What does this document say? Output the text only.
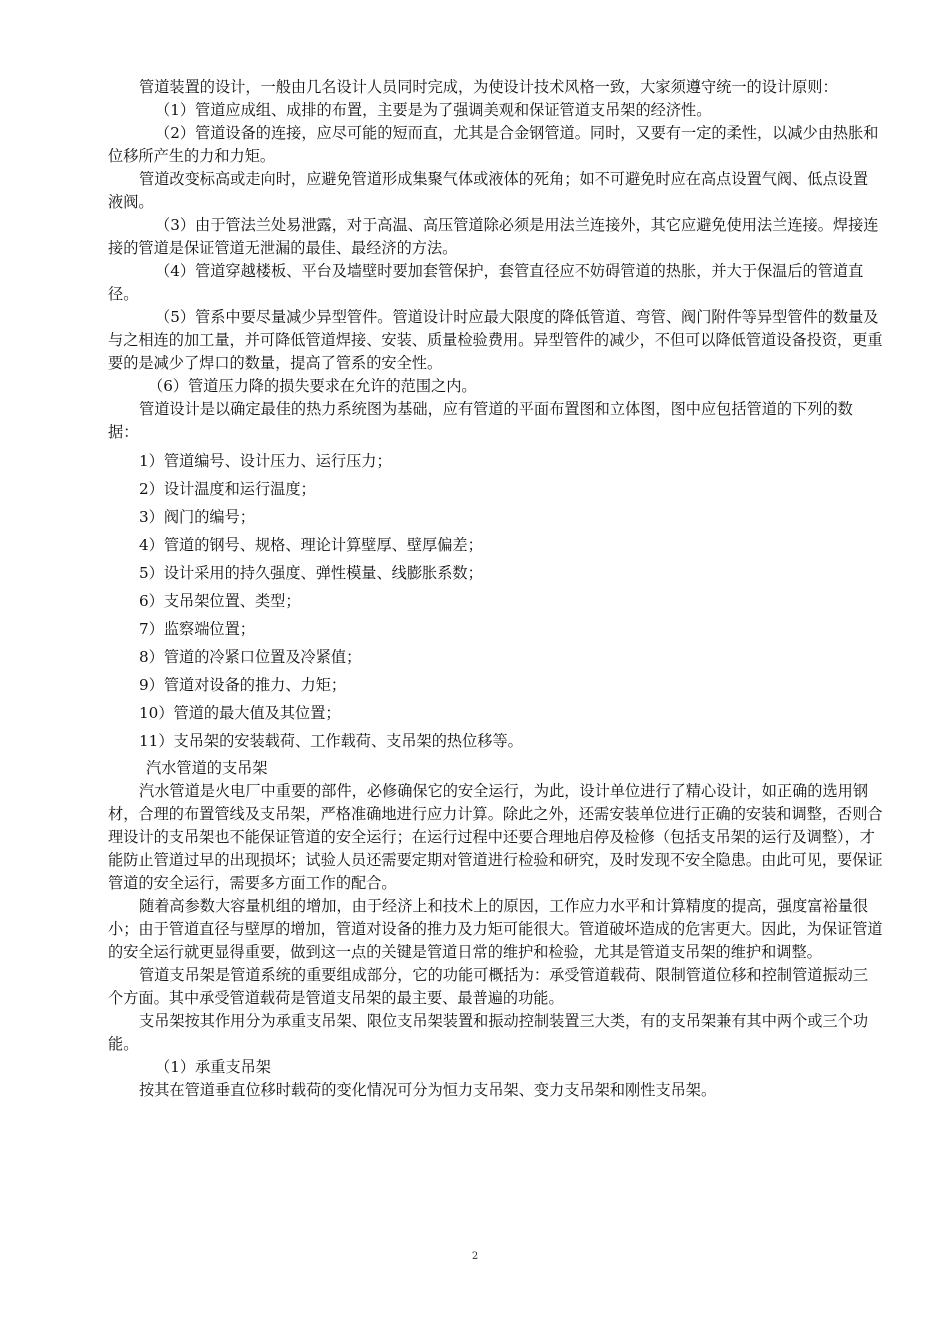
管道装置的设计，一般由几名设计人员同时完成，为使设计技术风格一致，大家须遵守统一的设计原则：

（1）管道应成组、成排的布置，主要是为了强调美观和保证管道支吊架的经济性。

（2）管道设备的连接，应尽可能的短而直，尤其是合金钢管道。同时，又要有一定的柔性，以减少由热胀和位移所产生的力和力矩。

管道改变标高或走向时，应避免管道形成集聚气体或液体的死角；如不可避免时应在高点设置气阀、低点设置液阀。

（3）由于管法兰处易泄露，对于高温、高压管道除必须是用法兰连接外，其它应避免使用法兰连接。焊接连接的管道是保证管道无泄漏的最佳、最经济的方法。

（4）管道穿越楼板、平台及墙壁时要加套管保护，套管直径应不妨碍管道的热胀，并大于保温后的管道直径。

（5）管系中要尽量减少异型管件。管道设计时应最大限度的降低管道、弯管、阀门附件等异型管件的数量及与之相连的加工量，并可降低管道焊接、安装、质量检验费用。异型管件的减少，不但可以降低管道设备投资，更重要的是减少了焊口的数量，提高了管系的安全性。

（6）管道压力降的损失要求在允许的范围之内。

管道设计是以确定最佳的热力系统图为基础，应有管道的平面布置图和立体图，图中应包括管道的下列的数据：

1）管道编号、设计压力、运行压力；
2）设计温度和运行温度；
3）阀门的编号；
4）管道的钢号、规格、理论计算壁厚、壁厚偏差；
5）设计采用的持久强度、弹性模量、线膨胀系数；
6）支吊架位置、类型；
7）监察端位置；
8）管道的冷紧口位置及冷紧值；
9）管道对设备的推力、力矩；
10）管道的最大值及其位置；
11）支吊架的安装载荷、工作载荷、支吊架的热位移等。

汽水管道的支吊架

汽水管道是火电厂中重要的部件，必修确保它的安全运行，为此，设计单位进行了精心设计，如正确的选用钢材，合理的布置管线及支吊架，严格准确地进行应力计算。除此之外，还需安装单位进行正确的安装和调整，否则合理设计的支吊架也不能保证管道的安全运行；在运行过程中还要合理地启停及检修（包括支吊架的运行及调整），才能防止管道过早的出现损坏；试验人员还需要定期对管道进行检验和研究，及时发现不安全隐患。由此可见，要保证管道的安全运行，需要多方面工作的配合。

随着高参数大容量机组的增加，由于经济上和技术上的原因，工作应力水平和计算精度的提高，强度富裕量很小；由于管道直径与壁厚的增加，管道对设备的推力及力矩可能很大。管道破坏造成的危害更大。因此，为保证管道的安全运行就更显得重要，做到这一点的关键是管道日常的维护和检验，尤其是管道支吊架的维护和调整。

管道支吊架是管道系统的重要组成部分，它的功能可概括为：承受管道载荷、限制管道位移和控制管道振动三个方面。其中承受管道载荷是管道支吊架的最主要、最普遍的功能。

支吊架按其作用分为承重支吊架、限位支吊架装置和振动控制装置三大类，有的支吊架兼有其中两个或三个功能。

（1）承重支吊架

按其在管道垂直位移时载荷的变化情况可分为恒力支吊架、变力支吊架和刚性支吊架。

2
